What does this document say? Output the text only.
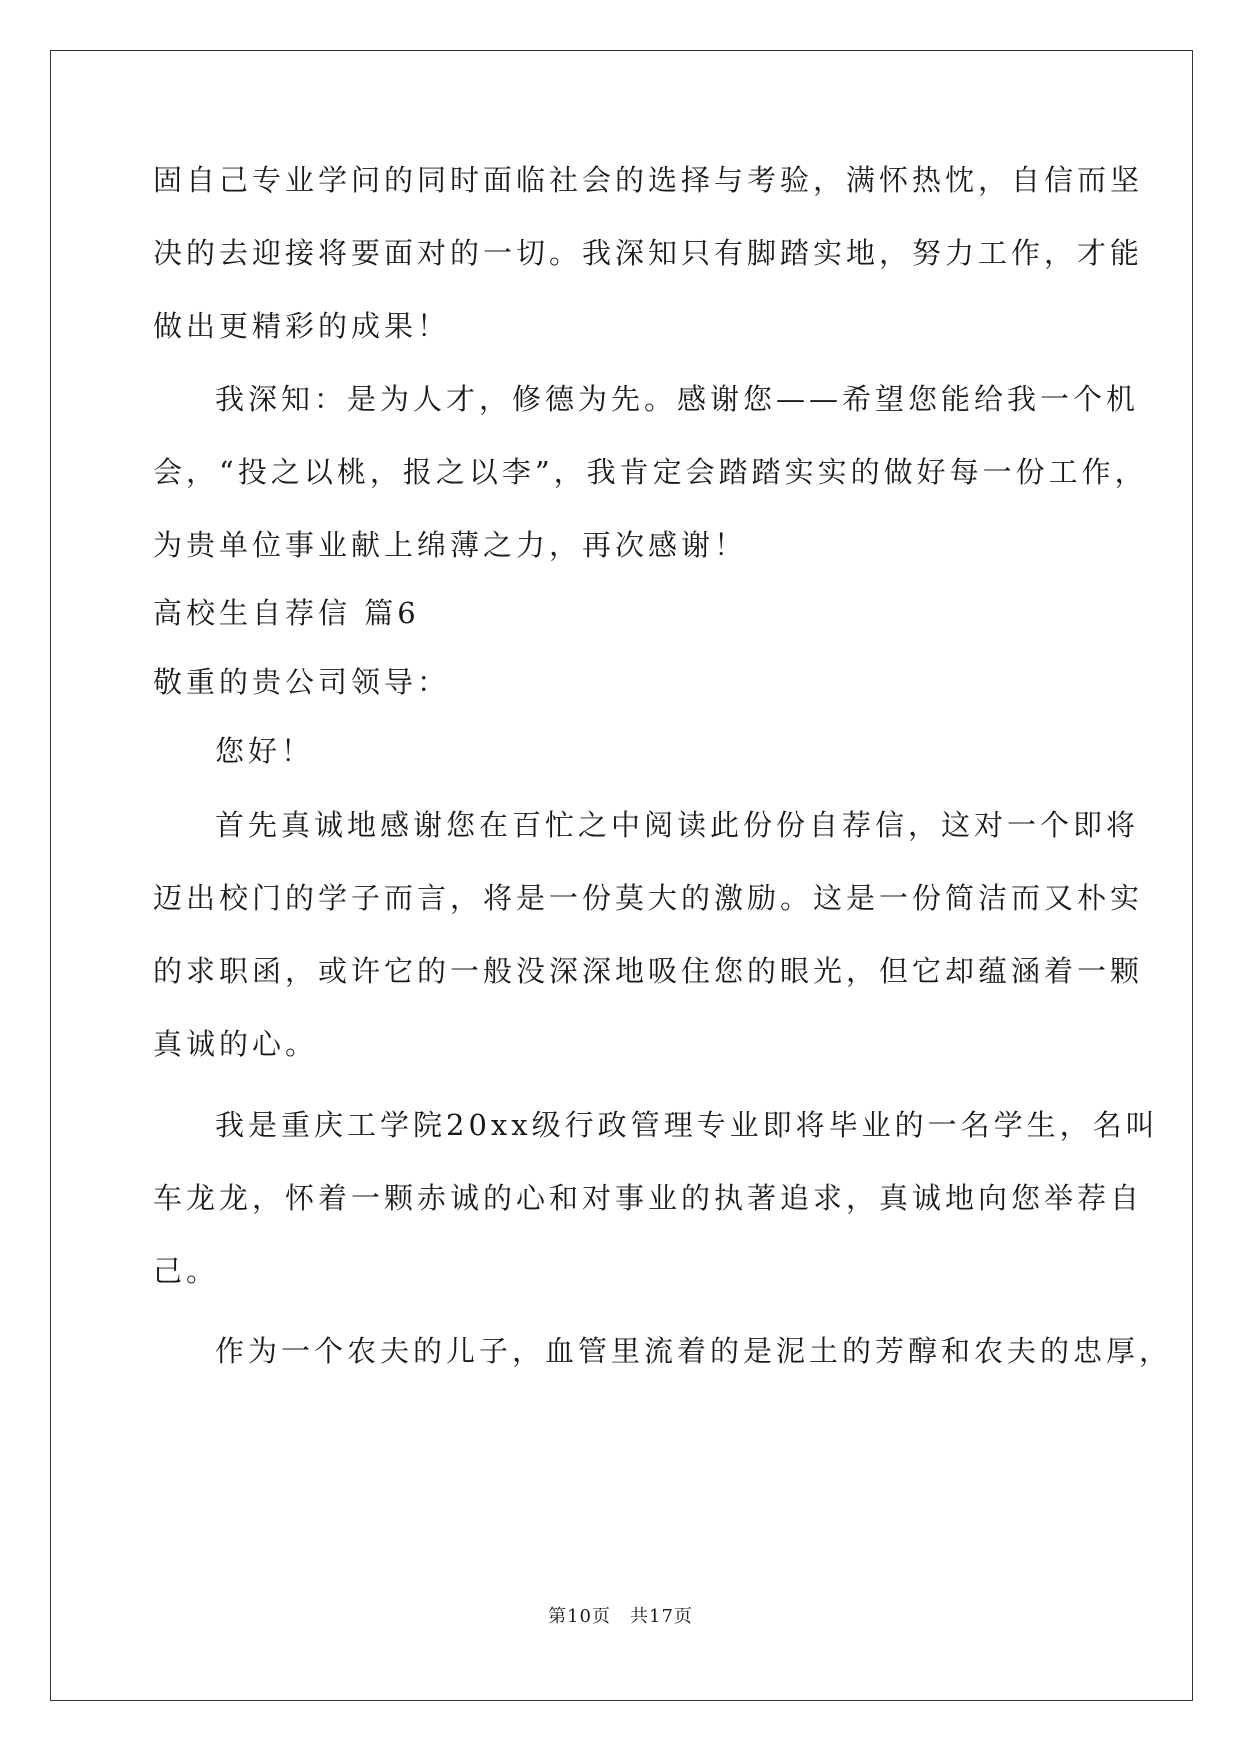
固自己专业学问的同时面临社会的选择与考验，满怀热忱，自信而坚
决的去迎接将要面对的一切。我深知只有脚踏实地，努力工作，才能
做出更精彩的成果！
我深知：是为人才，修德为先。感谢您——希望您能给我一个机
会，“投之以桃，报之以李”，我肯定会踏踏实实的做好每一份工作，
为贵单位事业献上绵薄之力，再次感谢！
高校生自荐信 篇6
敬重的贵公司领导：
您好！
首先真诚地感谢您在百忙之中阅读此份份自荐信，这对一个即将
迈出校门的学子而言，将是一份莫大的激励。这是一份简洁而又朴实
的求职函，或许它的一般没深深地吸住您的眼光，但它却蕴涵着一颗
真诚的心。
我是重庆工学院20xx级行政管理专业即将毕业的一名学生，名叫
车龙龙，怀着一颗赤诚的心和对事业的执著追求，真诚地向您举荐自
己。
作为一个农夫的儿子，血管里流着的是泥土的芳醇和农夫的忠厚，
第10页　共17页
